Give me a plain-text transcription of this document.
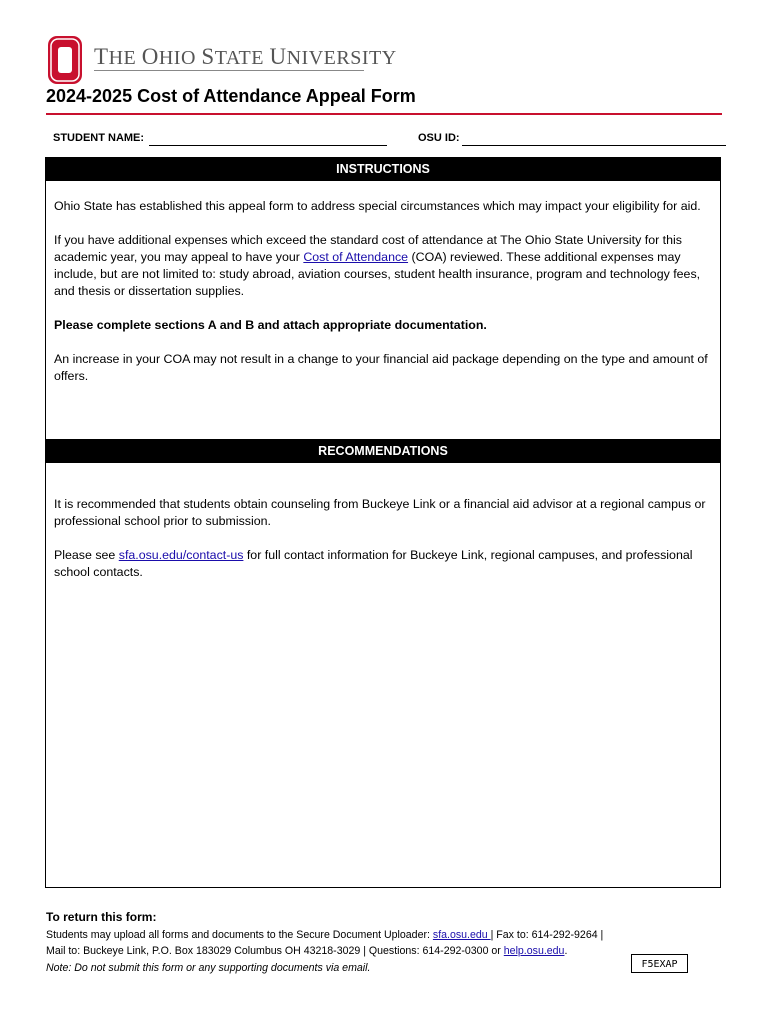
THE OHIO STATE UNIVERSITY
2024-2025 Cost of Attendance Appeal Form
STUDENT NAME:	OSU ID:
INSTRUCTIONS
Ohio State has established this appeal form to address special circumstances which may impact your eligibility for aid.
If you have additional expenses which exceed the standard cost of attendance at The Ohio State University for this academic year, you may appeal to have your Cost of Attendance (COA) reviewed. These additional expenses may include, but are not limited to: study abroad, aviation courses, student health insurance, program and technology fees, and thesis or dissertation supplies.
Please complete sections A and B and attach appropriate documentation.
An increase in your COA may not result in a change to your financial aid package depending on the type and amount of offers.
RECOMMENDATIONS
It is recommended that students obtain counseling from Buckeye Link or a financial aid advisor at a regional campus or professional school prior to submission.
Please see sfa.osu.edu/contact-us for full contact information for Buckeye Link, regional campuses, and professional school contacts.
To return this form:
Students may upload all forms and documents to the Secure Document Uploader: sfa.osu.edu | Fax to: 614-292-9264 |
Mail to: Buckeye Link, P.O. Box 183029 Columbus OH 43218-3029 | Questions: 614-292-0300 or help.osu.edu.
Note: Do not submit this form or any supporting documents via email.	F5EXAP
